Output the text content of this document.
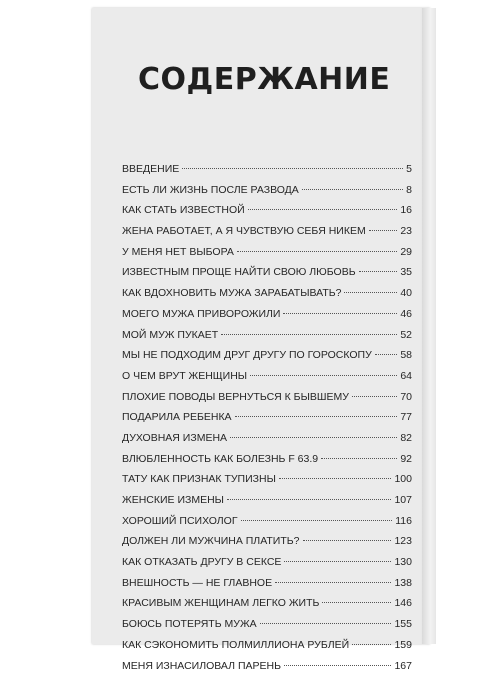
СОДЕРЖАНИЕ
ВВЕДЕНИЕ	5
ЕСТЬ ЛИ ЖИЗНЬ ПОСЛЕ РАЗВОДА	8
КАК СТАТЬ ИЗВЕСТНОЙ	16
ЖЕНА РАБОТАЕТ, А Я ЧУВСТВУЮ СЕБЯ НИКЕМ	23
У МЕНЯ НЕТ ВЫБОРА	29
ИЗВЕСТНЫМ ПРОЩЕ НАЙТИ СВОЮ ЛЮБОВЬ	35
КАК ВДОХНОВИТЬ МУЖА ЗАРАБАТЫВАТЬ?	40
МОЕГО МУЖА ПРИВОРОЖИЛИ	46
МОЙ МУЖ ПУКАЕТ	52
МЫ НЕ ПОДХОДИМ ДРУГ ДРУГУ ПО ГОРОСКОПУ	58
О ЧЕМ ВРУТ ЖЕНЩИНЫ	64
ПЛОХИЕ ПОВОДЫ ВЕРНУТЬСЯ К БЫВШЕМУ	70
ПОДАРИЛА РЕБЕНКА	77
ДУХОВНАЯ ИЗМЕНА	82
ВЛЮБЛЕННОСТЬ КАК БОЛЕЗНЬ F 63.9	92
ТАТУ КАК ПРИЗНАК ТУПИЗНЫ	100
ЖЕНСКИЕ ИЗМЕНЫ	107
ХОРОШИЙ ПСИХОЛОГ	116
ДОЛЖЕН ЛИ МУЖЧИНА ПЛАТИТЬ?	123
КАК ОТКАЗАТЬ ДРУГУ В СЕКСЕ	130
ВНЕШНОСТЬ — НЕ ГЛАВНОЕ	138
КРАСИВЫМ ЖЕНЩИНАМ ЛЕГКО ЖИТЬ	146
БОЮСЬ ПОТЕРЯТЬ МУЖА	155
КАК СЭКОНОМИТЬ ПОЛМИЛЛИОНА РУБЛЕЙ	159
МЕНЯ ИЗНАСИЛОВАЛ ПАРЕНЬ	167
